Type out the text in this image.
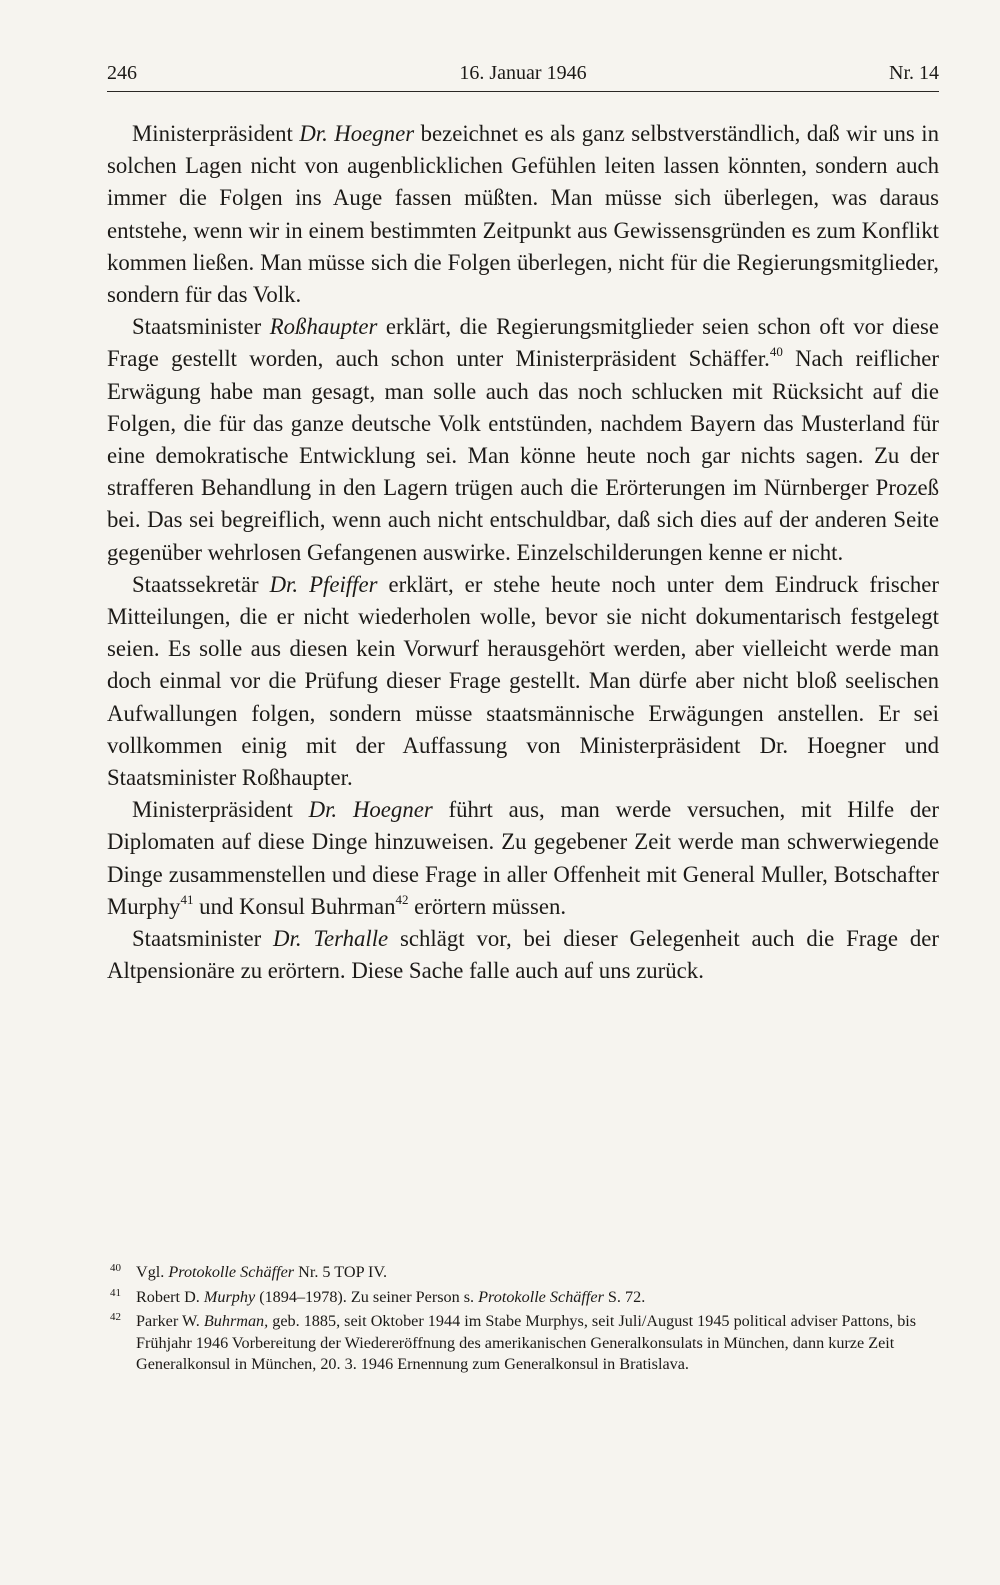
246	16. Januar 1946	Nr. 14

Ministerpräsident Dr. Hoegner bezeichnet es als ganz selbstverständlich, daß wir uns in solchen Lagen nicht von augenblicklichen Gefühlen leiten lassen könnten, sondern auch immer die Folgen ins Auge fassen müßten. Man müsse sich überlegen, was daraus entstehe, wenn wir in einem bestimmten Zeitpunkt aus Gewissensgründen es zum Konflikt kommen ließen. Man müsse sich die Folgen überlegen, nicht für die Regierungsmitglieder, sondern für das Volk.

Staatsminister Roßhaupter erklärt, die Regierungsmitglieder seien schon oft vor diese Frage gestellt worden, auch schon unter Ministerpräsident Schäffer.$^{40}$ Nach reiflicher Erwägung habe man gesagt, man solle auch das noch schlucken mit Rücksicht auf die Folgen, die für das ganze deutsche Volk entstünden, nachdem Bayern das Musterland für eine demokratische Entwicklung sei. Man könne heute noch gar nichts sagen. Zu der strafferen Behandlung in den Lagern trügen auch die Erörterungen im Nürnberger Prozeß bei. Das sei begreiflich, wenn auch nicht entschuldbar, daß sich dies auf der anderen Seite gegenüber wehrlosen Gefangenen auswirke. Einzelschilderungen kenne er nicht.

Staatssekretär Dr. Pfeiffer erklärt, er stehe heute noch unter dem Eindruck frischer Mitteilungen, die er nicht wiederholen wolle, bevor sie nicht dokumentarisch festgelegt seien. Es solle aus diesen kein Vorwurf herausgehört werden, aber vielleicht werde man doch einmal vor die Prüfung dieser Frage gestellt. Man dürfe aber nicht bloß seelischen Aufwallungen folgen, sondern müsse staatsmännische Erwägungen anstellen. Er sei vollkommen einig mit der Auffassung von Ministerpräsident Dr. Hoegner und Staatsminister Roßhaupter.

Ministerpräsident Dr. Hoegner führt aus, man werde versuchen, mit Hilfe der Diplomaten auf diese Dinge hinzuweisen. Zu gegebener Zeit werde man schwerwiegende Dinge zusammenstellen und diese Frage in aller Offenheit mit General Muller, Botschafter Murphy$^{41}$ und Konsul Buhrman$^{42}$ erörtern müssen.

Staatsminister Dr. Terhalle schlägt vor, bei dieser Gelegenheit auch die Frage der Altpensionäre zu erörtern. Diese Sache falle auch auf uns zurück.

40 Vgl. Protokolle Schäffer Nr. 5 TOP IV.
41 Robert D. Murphy (1894–1978). Zu seiner Person s. Protokolle Schäffer S. 72.
42 Parker W. Buhrman, geb. 1885, seit Oktober 1944 im Stabe Murphys, seit Juli/August 1945 political adviser Pattons, bis Frühjahr 1946 Vorbereitung der Wiedereröffnung des amerikanischen Generalkonsulats in München, dann kurze Zeit Generalkonsul in München, 20. 3. 1946 Ernennung zum Generalkonsul in Bratislava.
